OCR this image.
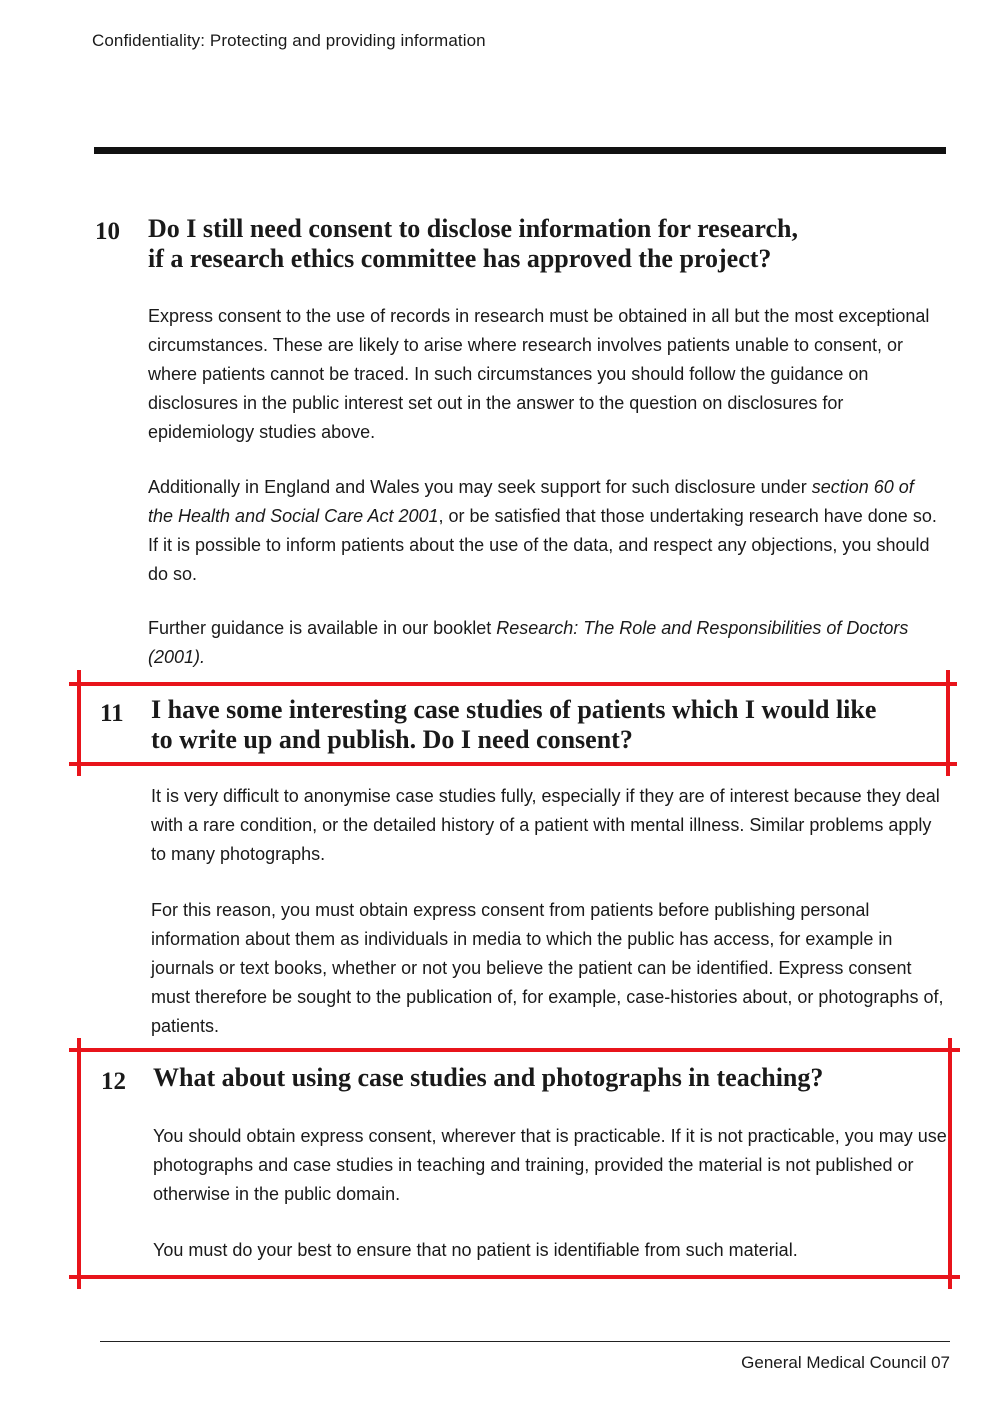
Confidentiality: Protecting and providing information
10 Do I still need consent to disclose information for research,
if a research ethics committee has approved the project?

Express consent to the use of records in research must be obtained in all but the most exceptional circumstances. These are likely to arise where research involves patients unable to consent, or where patients cannot be traced. In such circumstances you should follow the guidance on disclosures in the public interest set out in the answer to the question on disclosures for epidemiology studies above.

Additionally in England and Wales you may seek support for such disclosure under section 60 of the Health and Social Care Act 2001, or be satisfied that those undertaking research have done so. If it is possible to inform patients about the use of the data, and respect any objections, you should do so.

Further guidance is available in our booklet Research: The Role and Responsibilities of Doctors (2001).

11 I have some interesting case studies of patients which I would like
to write up and publish. Do I need consent?

It is very difficult to anonymise case studies fully, especially if they are of interest because they deal with a rare condition, or the detailed history of a patient with mental illness. Similar problems apply to many photographs.

For this reason, you must obtain express consent from patients before publishing personal information about them as individuals in media to which the public has access, for example in journals or text books, whether or not you believe the patient can be identified. Express consent must therefore be sought to the publication of, for example, case-histories about, or photographs of, patients.

12 What about using case studies and photographs in teaching?

You should obtain express consent, wherever that is practicable. If it is not practicable, you may use photographs and case studies in teaching and training, provided the material is not published or otherwise in the public domain.

You must do your best to ensure that no patient is identifiable from such material.

General Medical Council 07
